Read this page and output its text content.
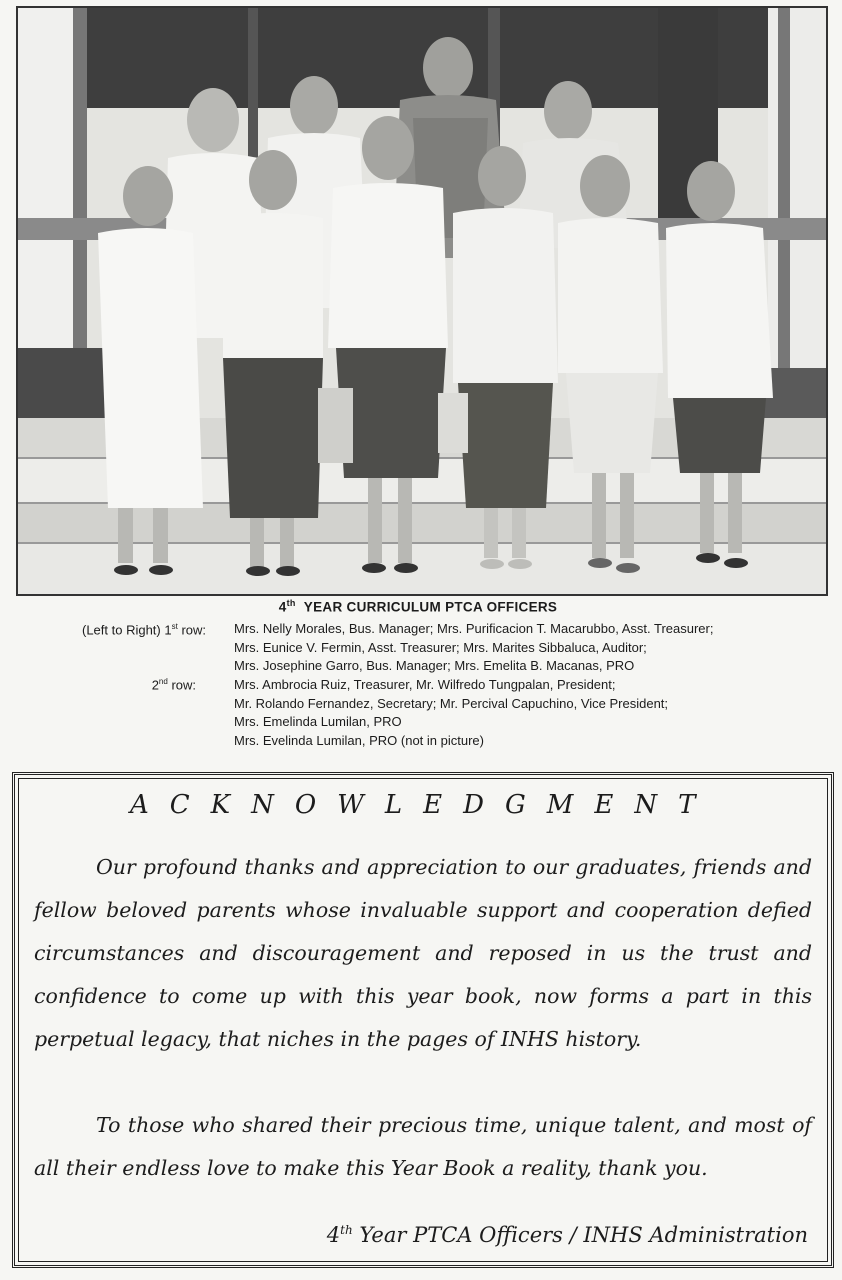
4th YEAR CURRICULUM PTCA OFFICERS
(Left to Right) 1st row: Mrs. Nelly Morales, Bus. Manager; Mrs. Purificacion T. Macarubbo, Asst. Treasurer;
Mrs. Eunice V. Fermin, Asst. Treasurer; Mrs. Marites Sibbaluca, Auditor;
Mrs. Josephine Garro, Bus. Manager; Mrs. Emelita B. Macanas, PRO
2nd row:	Mrs. Ambrocia Ruiz, Treasurer, Mr. Wilfredo Tungpalan, President;
Mr. Rolando Fernandez, Secretary; Mr. Percival Capuchino, Vice President;
Mrs. Emelinda Lumilan, PRO
Mrs. Evelinda Lumilan, PRO (not in picture)
ACKNOWLEDGMENT

Our profound thanks and appreciation to our graduates, friends and fellow beloved parents whose invaluable support and cooperation defied circumstances and discouragement and reposed in us the trust and confidence to come up with this year book, now forms a part in this perpetual legacy, that niches in the pages of INHS history.

To those who shared their precious time, unique talent, and most of all their endless love to make this Year Book a reality, thank you.

4th Year PTCA Officers / INHS Administration
